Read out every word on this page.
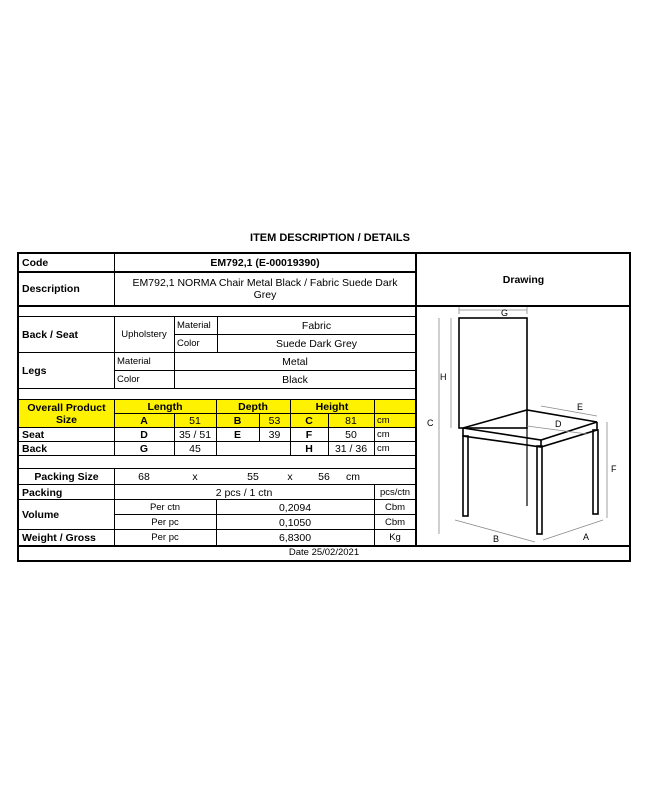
ITEM DESCRIPTION / DETAILS
Code	EM792,1 (E-00019390)
Description	EM792,1 NORMA Chair Metal Black / Fabric Suede Dark
Grey
Drawing
Back / Seat	Upholstery
Material	Fabric
Color	Suede Dark Grey
Legs
Material	Metal
Color	Black
Overall Product
Size
Length	Depth	Height
A	51	B	53	C	81	cm
Seat	D	35 / 51	E	39	F	50	cm
Back	G	45	H	31 / 36	cm
Packing Size	68	x	55	x	56	cm
Packing	2 pcs / 1 ctn	pcs/ctn
Volume
Per ctn	0,2094	Cbm
Per pc	0,1050	Cbm
Weight / Gross	Per pc	6,8300	Kg
Date 25/02/2021
G
H
C
E
D
F
B	A
